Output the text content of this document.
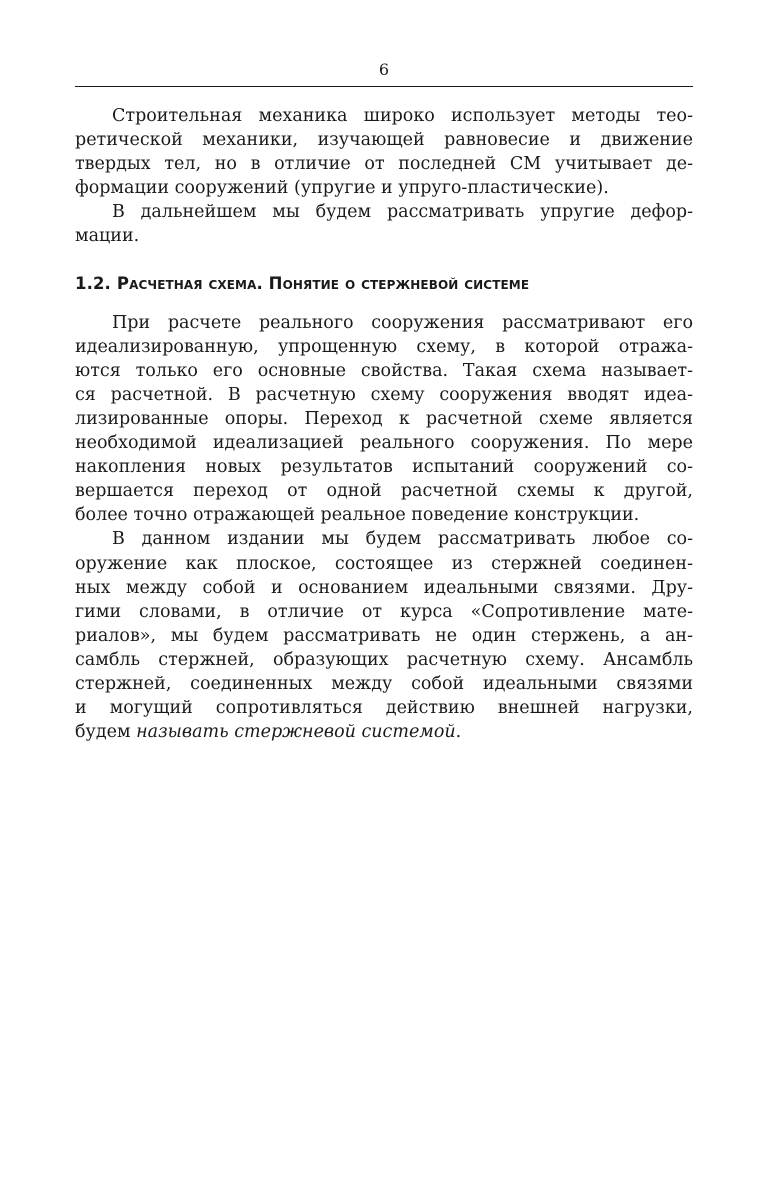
6
Строительная механика широко использует методы тео-
ретической механики, изучающей равновесие и движение
твердых тел, но в отличие от последней СМ учитывает де-
формации сооружений (упругие и упруго-пластические).
В дальнейшем мы будем рассматривать упругие дефор-
мации.
1.2. Расчетная схема. Понятие о стержневой системе
При расчете реального сооружения рассматривают его
идеализированную, упрощенную схему, в которой отража-
ются только его основные свойства. Такая схема называет-
ся расчетной. В расчетную схему сооружения вводят идеа-
лизированные опоры. Переход к расчетной схеме является
необходимой идеализацией реального сооружения. По мере
накопления новых результатов испытаний сооружений со-
вершается переход от одной расчетной схемы к другой,
более точно отражающей реальное поведение конструкции.
В данном издании мы будем рассматривать любое со-
оружение как плоское, состоящее из стержней соединен-
ных между собой и основанием идеальными связями. Дру-
гими словами, в отличие от курса «Сопротивление мате-
риалов», мы будем рассматривать не один стержень, а ан-
самбль стержней, образующих расчетную схему. Ансамбль
стержней, соединенных между собой идеальными связями
и могущий сопротивляться действию внешней нагрузки,
будем называть стержневой системой.
